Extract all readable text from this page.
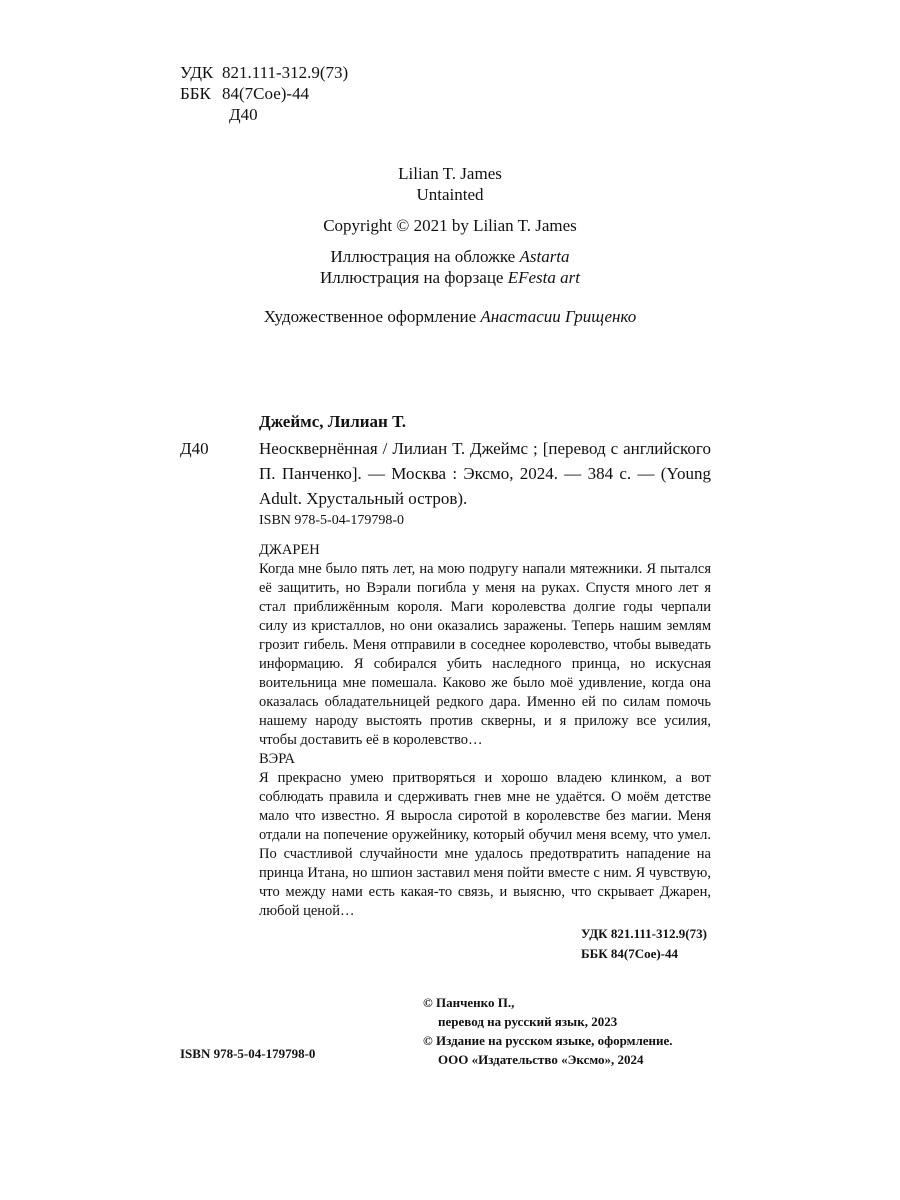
УДК 821.111-312.9(73)
ББК 84(7Сое)-44
Д40
Lilian T. James
Untainted
Copyright © 2021 by Lilian T. James
Иллюстрация на обложке Astarta
Иллюстрация на форзаце EFesta art
Художественное оформление Анастасии Грищенко
Джеймс, Лилиан Т.
Д40	Неосквернённая / Лилиан Т. Джеймс ; [перевод с английского П. Панченко]. — Москва : Эксмо, 2024. — 384 с. — (Young Adult. Хрустальный остров).
ISBN 978-5-04-179798-0
ДЖАРЕН
Когда мне было пять лет, на мою подругу напали мятежники. Я пытался её защитить, но Вэрали погибла у меня на руках. Спустя много лет я стал приближённым короля. Маги королевства долгие годы черпали силу из кристаллов, но они оказались заражены. Теперь нашим землям грозит гибель. Меня отправили в соседнее королевство, чтобы выведать информацию. Я собирался убить наследного принца, но искусная воительница мне помешала. Каково же было моё удивление, когда она оказалась обладательницей редкого дара. Именно ей по силам помочь нашему народу выстоять против скверны, и я приложу все усилия, чтобы доставить её в королевство…
ВЭРА
Я прекрасно умею притворяться и хорошо владею клинком, а вот соблюдать правила и сдерживать гнев мне не удаётся. О моём детстве мало что известно. Я выросла сиротой в королевстве без магии. Меня отдали на попечение оружейнику, который обучил меня всему, что умел. По счастливой случайности мне удалось предотвратить нападение на принца Итана, но шпион заставил меня пойти вместе с ним. Я чувствую, что между нами есть какая-то связь, и выясню, что скрывает Джарен, любой ценой…
УДК 821.111-312.9(73)
ББК 84(7Сое)-44
© Панченко П.,
перевод на русский язык, 2023
© Издание на русском языке, оформление.
ООО «Издательство «Эксмо», 2024
ISBN 978-5-04-179798-0
